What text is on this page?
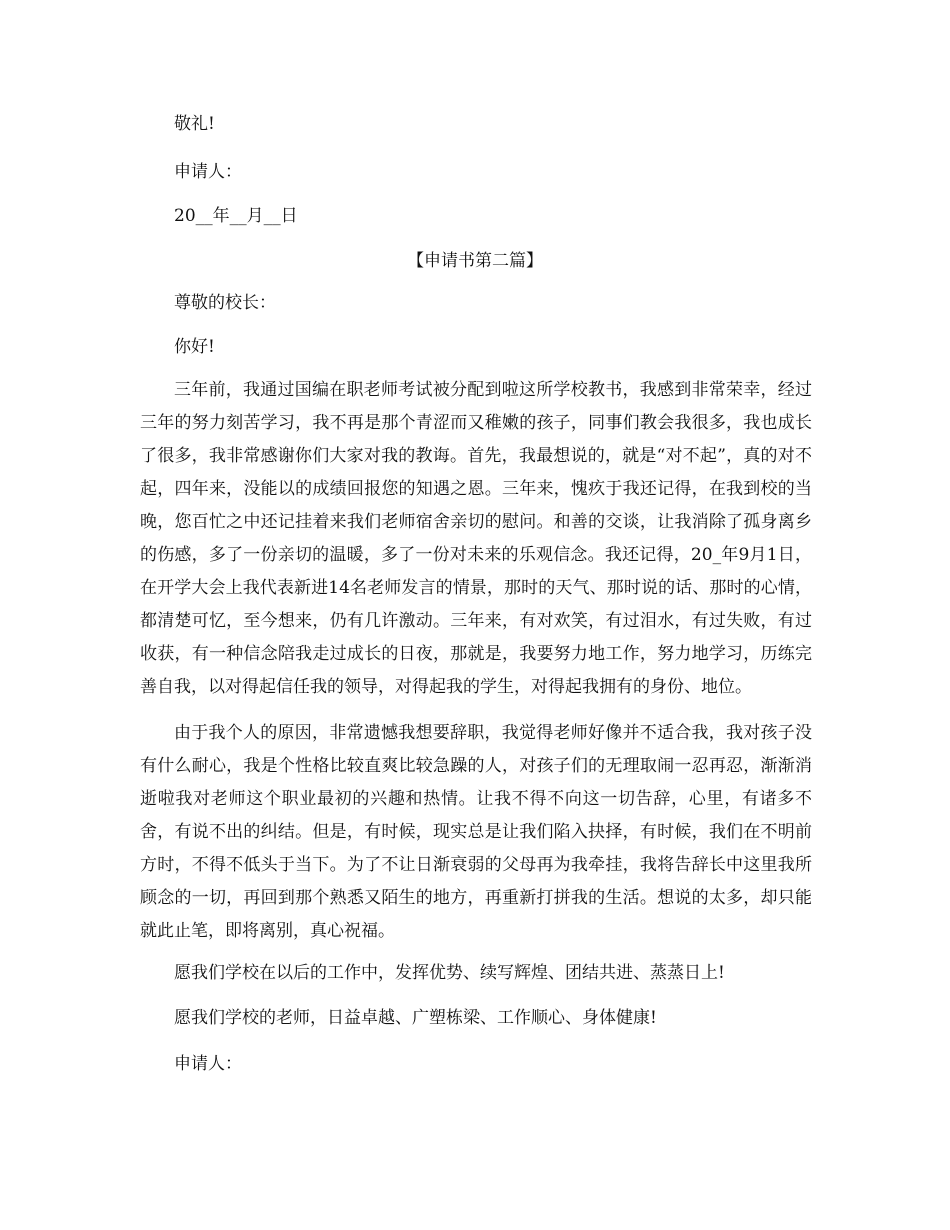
敬礼!
申请人：
20__年__月__日
【申请书第二篇】
尊敬的校长：
你好!
三年前，我通过国编在职老师考试被分配到啦这所学校教书，我感到非常荣幸，经过三年的努力刻苦学习，我不再是那个青涩而又稚嫩的孩子，同事们教会我很多，我也成长了很多，我非常感谢你们大家对我的教诲。首先，我最想说的，就是“对不起”，真的对不起，四年来，没能以的成绩回报您的知遇之恩。三年来，愧疚于我还记得，在我到校的当晚，您百忙之中还记挂着来我们老师宿舍亲切的慰问。和善的交谈，让我消除了孤身离乡的伤感，多了一份亲切的温暖，多了一份对未来的乐观信念。我还记得，20_年9月1日，在开学大会上我代表新进14名老师发言的情景，那时的天气、那时说的话、那时的心情，都清楚可忆，至今想来，仍有几许激动。三年来，有对欢笑，有过泪水，有过失败，有过收获，有一种信念陪我走过成长的日夜，那就是，我要努力地工作，努力地学习，历练完善自我，以对得起信任我的领导，对得起我的学生，对得起我拥有的身份、地位。
由于我个人的原因，非常遗憾我想要辞职，我觉得老师好像并不适合我，我对孩子没有什么耐心，我是个性格比较直爽比较急躁的人，对孩子们的无理取闹一忍再忍，渐渐消逝啦我对老师这个职业最初的兴趣和热情。让我不得不向这一切告辞，心里，有诸多不舍，有说不出的纠结。但是，有时候，现实总是让我们陷入抉择，有时候，我们在不明前方时，不得不低头于当下。为了不让日渐衰弱的父母再为我牵挂，我将告辞长中这里我所顾念的一切，再回到那个熟悉又陌生的地方，再重新打拼我的生活。想说的太多，却只能就此止笔，即将离别，真心祝福。
愿我们学校在以后的工作中，发挥优势、续写辉煌、团结共进、蒸蒸日上!
愿我们学校的老师，日益卓越、广塑栋梁、工作顺心、身体健康!
申请人：
